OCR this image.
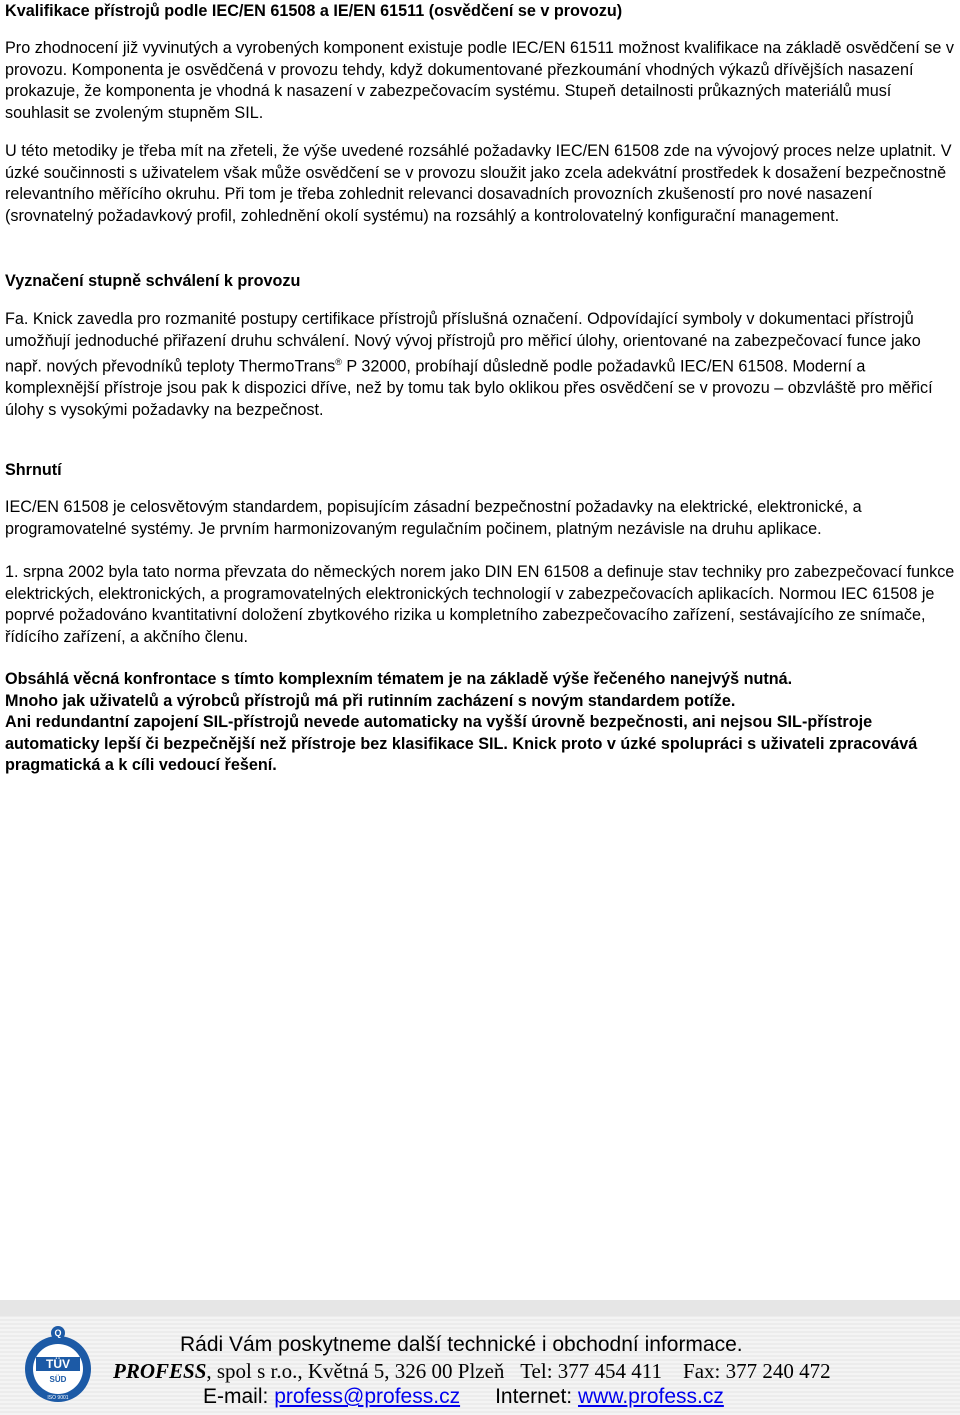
Kvalifikace přístrojů podle IEC/EN 61508 a IE/EN 61511 (osvědčení se v provozu)

Pro zhodnocení již vyvinutých a vyrobených komponent existuje podle IEC/EN 61511 možnost kvalifikace na základě osvědčení se v provozu. Komponenta je osvědčená v provozu tehdy, když dokumentované přezkoumání vhodných výkazů dřívějších nasazení prokazuje, že komponenta je vhodná k nasazení v zabezpečovacím systému. Stupeň detailnosti průkazných materiálů musí souhlasit se zvoleným stupněm SIL.

U této metodiky je třeba mít na zřeteli, že výše uvedené rozsáhlé požadavky IEC/EN 61508 zde na vývojový proces nelze uplatnit. V úzké součinnosti s uživatelem však může osvědčení se v provozu sloužit jako zcela adekvátní prostředek k dosažení bezpečnostně relevantního měřícího okruhu. Při tom je třeba zohlednit relevanci dosavadních provozních zkušeností pro nové nasazení (srovnatelný požadavkový profil, zohlednění okolí systému) na rozsáhlý a kontrolovatelný konfigurační management.

Vyznačení stupně schválení k provozu

Fa. Knick zavedla pro rozmanité postupy certifikace přístrojů příslušná označení. Odpovídající symboly v dokumentaci přístrojů umožňují jednoduché přiřazení druhu schválení. Nový vývoj přístrojů pro měřicí úlohy, orientované na zabezpečovací funce jako např. nových převodníků teploty ThermoTrans® P 32000, probíhají důsledně podle požadavků IEC/EN 61508. Moderní a komplexnější přístroje jsou pak k dispozici dříve, než by tomu tak bylo oklikou přes osvědčení se v provozu – obzvláště pro měřicí úlohy s vysokými požadavky na bezpečnost.

Shrnutí

IEC/EN 61508 je celosvětovým standardem, popisujícím zásadní bezpečnostní požadavky na elektrické, elektronické, a programovatelné systémy. Je prvním harmonizovaným regulačním počinem, platným nezávisle na druhu aplikace.

1. srpna 2002 byla tato norma převzata do německých norem jako DIN EN 61508 a definuje stav techniky pro zabezpečovací funkce elektrických, elektronických, a programovatelných elektronických technologií v zabezpečovacích aplikacích. Normou IEC 61508 je poprvé požadováno kvantitativní doložení zbytkového rizika u kompletního zabezpečovacího zařízení, sestávajícího ze snímače, řídícího zařízení, a akčního členu.

Obsáhlá věcná konfrontace s tímto komplexním tématem je na základě výše řečeného nanejvýš nutná.

Mnoho jak uživatelů a výrobců přístrojů má při rutinním zacházení s novým standardem potíže.

Ani redundantní zapojení SIL-přístrojů nevede automaticky na vyšší úrovně bezpečnosti, ani nejsou SIL-přístroje automaticky lepší či bezpečnější než přístroje bez klasifikace SIL. Knick proto v úzké spolupráci s uživateli zpracovává pragmatická a k cíli vedoucí řešení.

Q
TÜV
SÜD
ISO 9001
Rádi Vám poskytneme další technické i obchodní informace.
PROFESS, spol s r.o., Květná 5, 326 00 Plzeň Tel: 377 454 411 Fax: 377 240 472
E-mail: profess@profess.cz Internet: www.profess.cz
